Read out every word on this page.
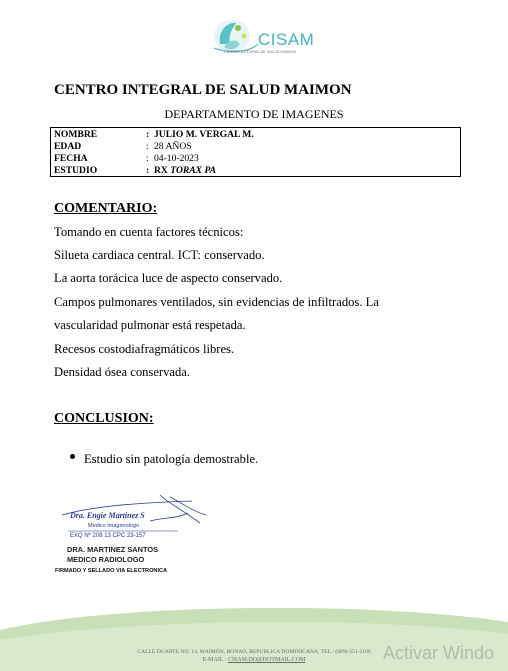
CISAM
CENTRO INTEGRAL DE SALUD MAIMON
CENTRO INTEGRAL DE SALUD MAIMON
DEPARTAMENTO DE IMAGENES
NOMBRE	: JULIO M. VERGAL M.
EDAD	: 28 AÑOS
FECHA	: 04-10-2023
ESTUDIO	: RX TORAX PA
COMENTARIO:
Tomando en cuenta factores técnicos:
Silueta cardiaca central. ICT: conservado.
La aorta torácica luce de aspecto conservado.
Campos pulmonares ventilados, sin evidencias de infiltrados. La
vascularidad pulmonar está respetada.
Recesos costodiafragmáticos libres.
Densidad ósea conservada.
CONCLUSION:
Estudio sin patología demostrable.
Dra. Engie Martinez S
Medico Imagenologo
EXQ Nº 208 13 CPC 23-157
DRA. MARTINEZ SANTOS
MEDICO RADIOLOGO
FIRMADO Y SELLADO VIA ELECTRONICA
CALLE DUARTE NO. 13, MAIMÓN, BONAO, REPUBLICA DOMINICANA, TEL.: (809)-551-2106
E-MAIL : CISAM.DO@HOTMAIL.COM	Activar Windo
